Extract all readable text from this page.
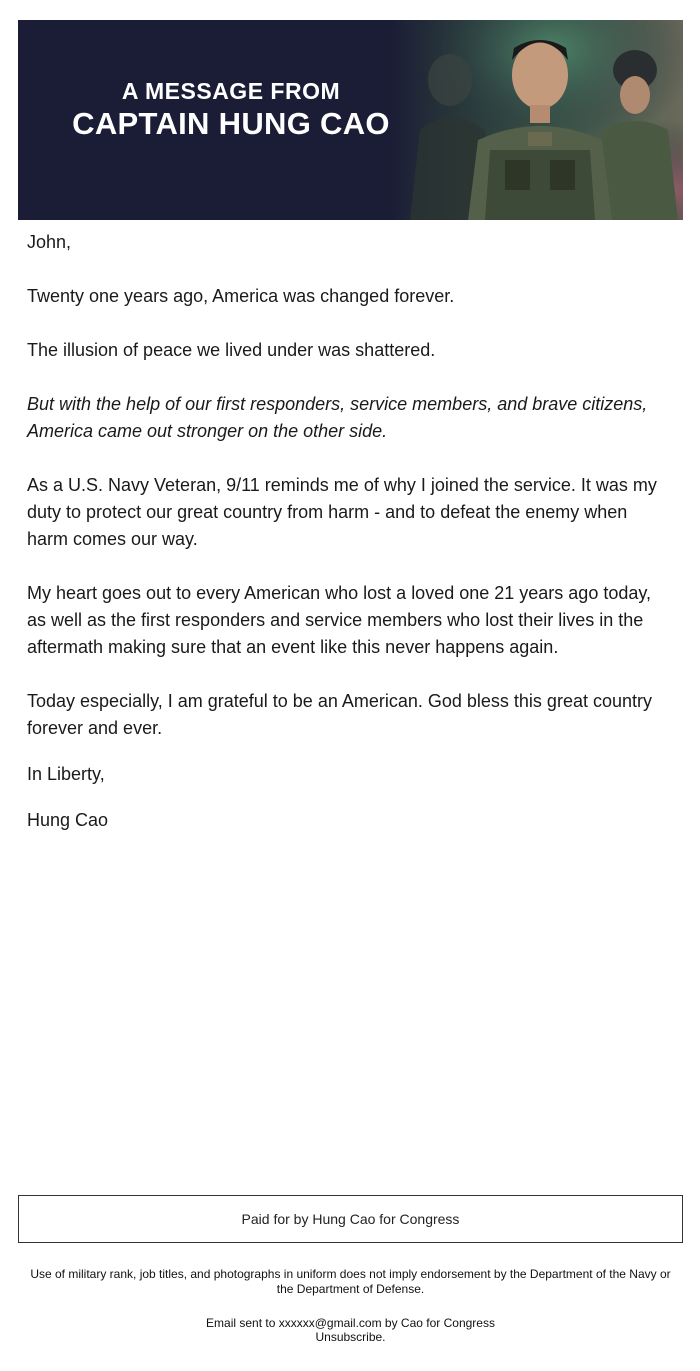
A MESSAGE FROM
CAPTAIN HUNG CAO

John,

Twenty one years ago, America was changed forever.

The illusion of peace we lived under was shattered.

But with the help of our first responders, service members, and brave citizens, America came out stronger on the other side.

As a U.S. Navy Veteran, 9/11 reminds me of why I joined the service. It was my duty to protect our great country from harm - and to defeat the enemy when harm comes our way.

My heart goes out to every American who lost a loved one 21 years ago today, as well as the first responders and service members who lost their lives in the aftermath making sure that an event like this never happens again.

Today especially, I am grateful to be an American. God bless this great country forever and ever.

In Liberty,

Hung Cao

Paid for by Hung Cao for Congress
Use of military rank, job titles, and photographs in uniform does not imply endorsement by the Department of the Navy or the Department of Defense.
Email sent to xxxxxx@gmail.com by Cao for Congress
Unsubscribe.
